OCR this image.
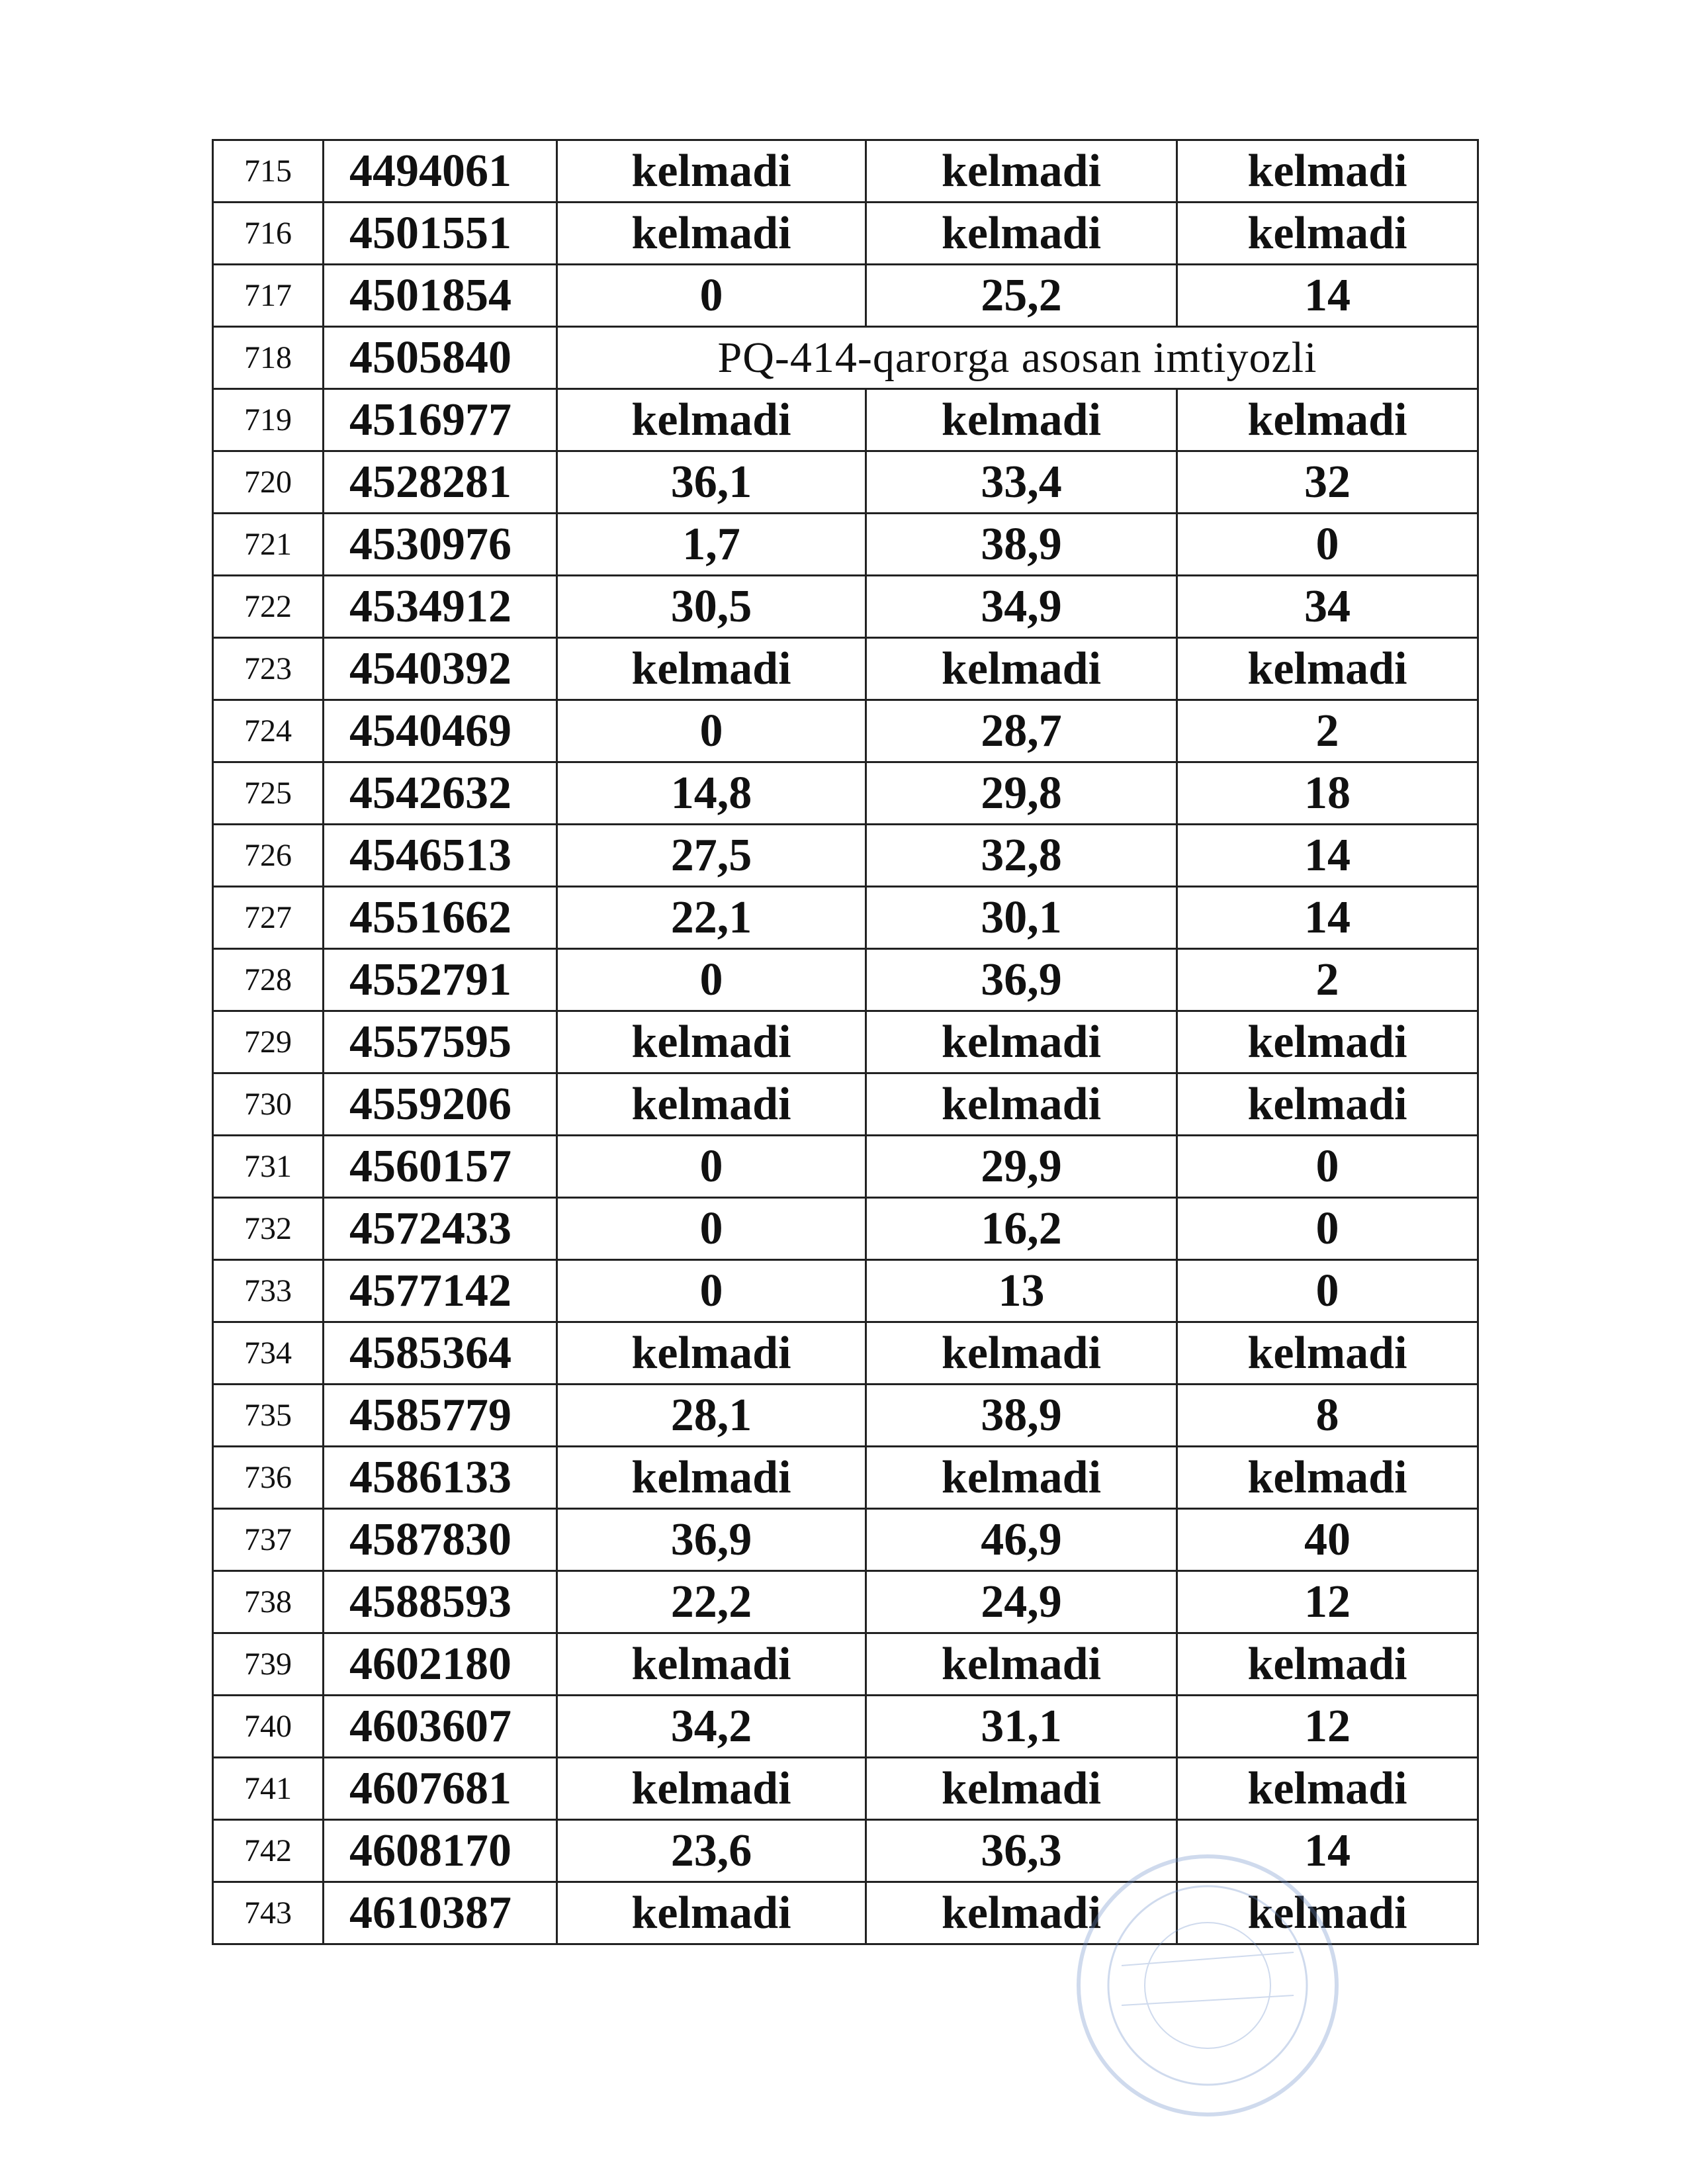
715	4494061	kelmadi	kelmadi	kelmadi
716	4501551	kelmadi	kelmadi	kelmadi
717	4501854	0	25,2	14
718	4505840	PQ-414-qarorga asosan imtiyozli		
719	4516977	kelmadi	kelmadi	kelmadi
720	4528281	36,1	33,4	32
721	4530976	1,7	38,9	0
722	4534912	30,5	34,9	34
723	4540392	kelmadi	kelmadi	kelmadi
724	4540469	0	28,7	2
725	4542632	14,8	29,8	18
726	4546513	27,5	32,8	14
727	4551662	22,1	30,1	14
728	4552791	0	36,9	2
729	4557595	kelmadi	kelmadi	kelmadi
730	4559206	kelmadi	kelmadi	kelmadi
731	4560157	0	29,9	0
732	4572433	0	16,2	0
733	4577142	0	13	0
734	4585364	kelmadi	kelmadi	kelmadi
735	4585779	28,1	38,9	8
736	4586133	kelmadi	kelmadi	kelmadi
737	4587830	36,9	46,9	40
738	4588593	22,2	24,9	12
739	4602180	kelmadi	kelmadi	kelmadi
740	4603607	34,2	31,1	12
741	4607681	kelmadi	kelmadi	kelmadi
742	4608170	23,6	36,3	14
743	4610387	kelmadi	kelmadi	kelmadi
